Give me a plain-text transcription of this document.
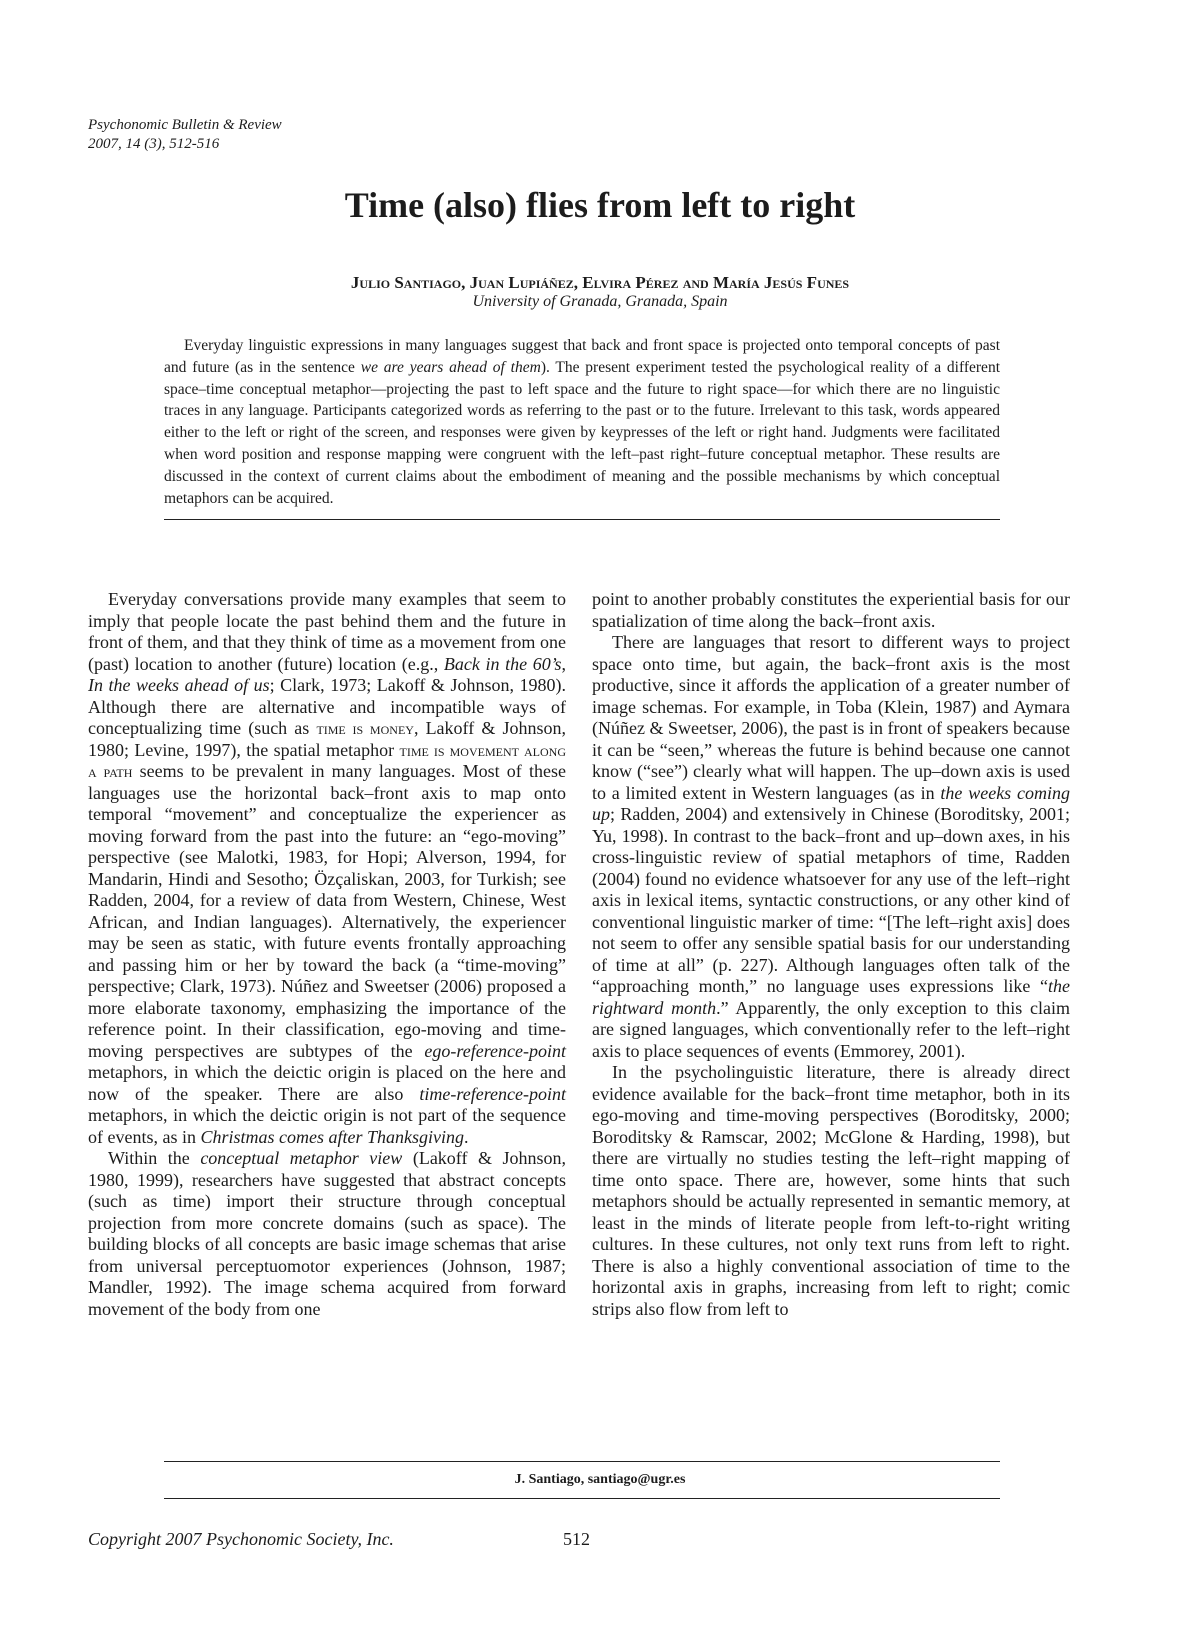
Psychonomic Bulletin & Review
2007, 14 (3), 512-516
Time (also) flies from left to right
Julio Santiago, Juan Lupiáñez, Elvira Pérez and María Jesús Funes
University of Granada, Granada, Spain

Everyday linguistic expressions in many languages suggest that back and front space is projected onto temporal concepts of past and future (as in the sentence we are years ahead of them). The present experiment tested the psychological reality of a different space–time conceptual metaphor—projecting the past to left space and the future to right space—for which there are no linguistic traces in any language. Participants categorized words as referring to the past or to the future. Irrelevant to this task, words appeared either to the left or right of the screen, and responses were given by keypresses of the left or right hand. Judgments were facilitated when word position and response mapping were congruent with the left–past right–future conceptual metaphor. These results are discussed in the context of current claims about the embodiment of meaning and the possible mechanisms by which conceptual metaphors can be acquired.

Everyday conversations provide many examples that seem to imply that people locate the past behind them and the future in front of them, and that they think of time as a movement from one (past) location to another (future) location (e.g., Back in the 60’s, In the weeks ahead of us; Clark, 1973; Lakoff & Johnson, 1980). Although there are alternative and incompatible ways of conceptualizing time (such as time is money, Lakoff & Johnson, 1980; Levine, 1997), the spatial metaphor time is movement along a path seems to be prevalent in many languages. Most of these languages use the horizontal back–front axis to map onto temporal “movement” and conceptualize the experiencer as moving forward from the past into the future: an “ego-moving” perspective (see Malotki, 1983, for Hopi; Alverson, 1994, for Mandarin, Hindi and Sesotho; Özçaliskan, 2003, for Turkish; see Radden, 2004, for a review of data from Western, Chinese, West African, and Indian languages). Alternatively, the experiencer may be seen as static, with future events frontally approaching and passing him or her by toward the back (a “time-moving” perspective; Clark, 1973). Núñez and Sweetser (2006) proposed a more elaborate taxonomy, emphasizing the importance of the reference point. In their classification, ego-moving and time-moving perspectives are subtypes of the ego-reference-point metaphors, in which the deictic origin is placed on the here and now of the speaker. There are also time-reference-point metaphors, in which the deictic origin is not part of the sequence of events, as in Christmas comes after Thanksgiving.

Within the conceptual metaphor view (Lakoff & Johnson, 1980, 1999), researchers have suggested that abstract concepts (such as time) import their structure through conceptual projection from more concrete domains (such as space). The building blocks of all concepts are basic image schemas that arise from universal perceptuomotor experiences (Johnson, 1987; Mandler, 1992). The image schema acquired from forward movement of the body from one

point to another probably constitutes the experiential basis for our spatialization of time along the back–front axis.

There are languages that resort to different ways to project space onto time, but again, the back–front axis is the most productive, since it affords the application of a greater number of image schemas. For example, in Toba (Klein, 1987) and Aymara (Núñez & Sweetser, 2006), the past is in front of speakers because it can be “seen,” whereas the future is behind because one cannot know (“see”) clearly what will happen. The up–down axis is used to a limited extent in Western languages (as in the weeks coming up; Radden, 2004) and extensively in Chinese (Boroditsky, 2001; Yu, 1998). In contrast to the back–front and up–down axes, in his cross-linguistic review of spatial metaphors of time, Radden (2004) found no evidence whatsoever for any use of the left–right axis in lexical items, syntactic constructions, or any other kind of conventional linguistic marker of time: “[The left–right axis] does not seem to offer any sensible spatial basis for our understanding of time at all” (p. 227). Although languages often talk of the “approaching month,” no language uses expressions like “the rightward month.” Apparently, the only exception to this claim are signed languages, which conventionally refer to the left–right axis to place sequences of events (Emmorey, 2001).

In the psycholinguistic literature, there is already direct evidence available for the back–front time metaphor, both in its ego-moving and time-moving perspectives (Boroditsky, 2000; Boroditsky & Ramscar, 2002; McGlone & Harding, 1998), but there are virtually no studies testing the left–right mapping of time onto space. There are, however, some hints that such metaphors should be actually represented in semantic memory, at least in the minds of literate people from left-to-right writing cultures. In these cultures, not only text runs from left to right. There is also a highly conventional association of time to the horizontal axis in graphs, increasing from left to right; comic strips also flow from left to

J. Santiago, santiago@ugr.es
Copyright 2007 Psychonomic Society, Inc.	512
